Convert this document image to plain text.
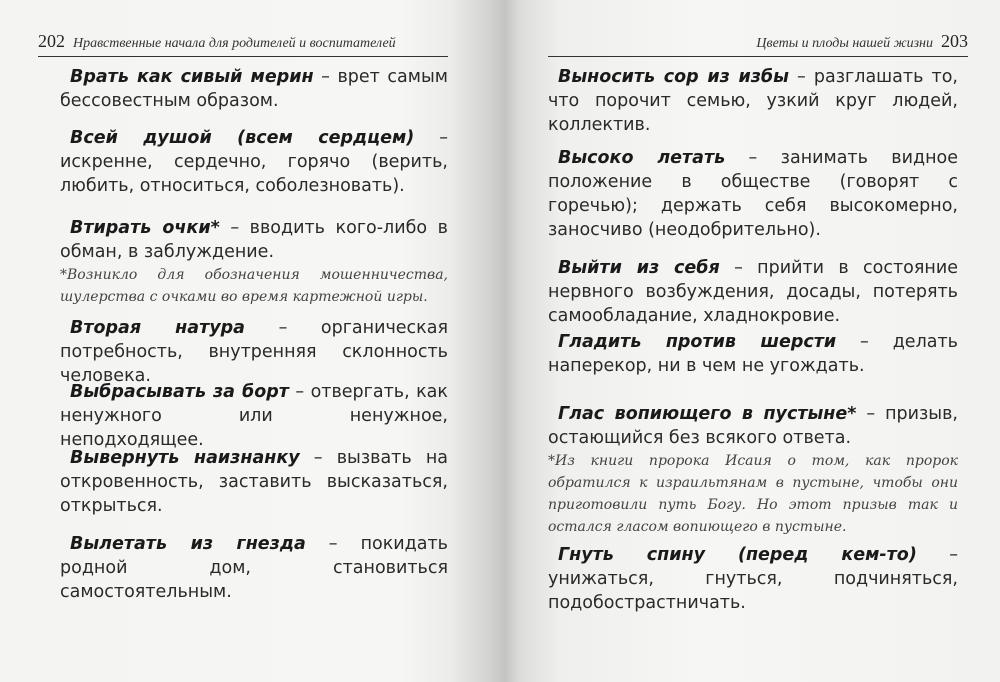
202 Нравственные начала для родителей и воспитателей
Врать как сивый мерин – врет самым бессовестным образом.
Всей душой (всем сердцем) – искренне, сердечно, горячо (верить, любить, относиться, соболезновать).
Втирать очки* – вводить кого-либо в обман, в заблуждение.
*Возникло для обозначения мошенничества, шулерства с очками во время картежной игры.
Вторая натура – органическая потребность, внутренняя склонность человека.
Выбрасывать за борт – отвергать, как ненужного или ненужное, неподходящее.
Вывернуть наизнанку – вызвать на откровенность, заставить высказаться, открыться.
Вылетать из гнезда – покидать родной дом, становиться самостоятельным.
Цветы и плоды нашей жизни 203
Выносить сор из избы – разглашать то, что порочит семью, узкий круг людей, коллектив.
Высоко летать – занимать видное положение в обществе (говорят с горечью); держать себя высокомерно, заносчиво (неодобрительно).
Выйти из себя – прийти в состояние нервного возбуждения, досады, потерять самообладание, хладнокровие.
Гладить против шерсти – делать наперекор, ни в чем не угождать.
Глас вопиющего в пустыне* – призыв, остающийся без всякого ответа.
*Из книги пророка Исаия о том, как пророк обратился к израильтянам в пустыне, чтобы они приготовили путь Богу. Но этот призыв так и остался гласом вопиющего в пустыне.
Гнуть спину (перед кем-то) – унижаться, гнуться, подчиняться, подобострастничать.
